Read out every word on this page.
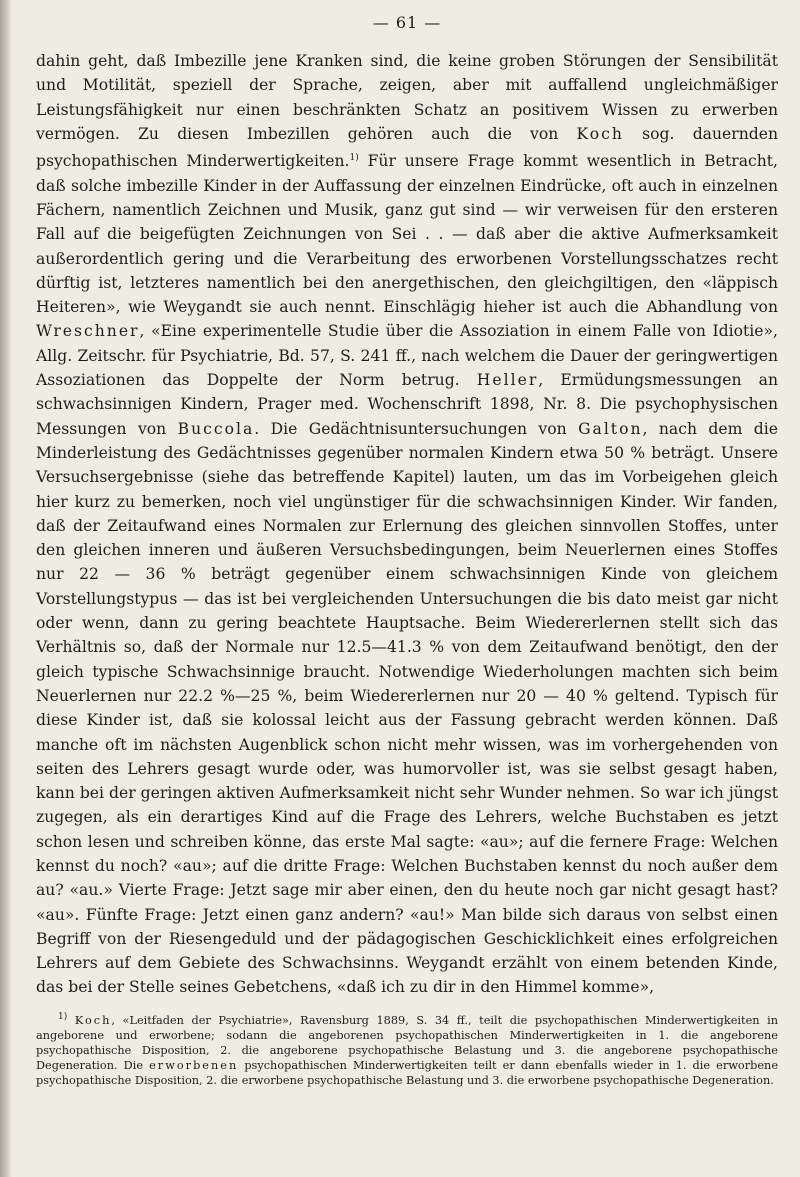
— 61 —

dahin geht, daß Imbezille jene Kranken sind, die keine groben Störungen der Sensibilität und Motilität, speziell der Sprache, zeigen, aber mit auffallend ungleichmäßiger Leistungsfähigkeit nur einen beschränkten Schatz an positivem Wissen zu erwerben vermögen. Zu diesen Imbezillen gehören auch die von Koch sog. dauernden psychopathischen Minderwertigkeiten.$^{1)}$ Für unsere Frage kommt wesentlich in Betracht, daß solche imbezille Kinder in der Auffassung der einzelnen Eindrücke, oft auch in einzelnen Fächern, namentlich Zeichnen und Musik, ganz gut sind — wir verweisen für den ersteren Fall auf die beigefügten Zeichnungen von Sei . . — daß aber die aktive Aufmerksamkeit außerordentlich gering und die Verarbeitung des erworbenen Vorstellungsschatzes recht dürftig ist, letzteres namentlich bei den anergethischen, den gleichgiltigen, den «läppisch Heiteren», wie Weygandt sie auch nennt. Einschlägig hieher ist auch die Abhandlung von Wreschner, «Eine experimentelle Studie über die Assoziation in einem Falle von Idiotie», Allg. Zeitschr. für Psychiatrie, Bd. 57, S. 241 ff., nach welchem die Dauer der geringwertigen Assoziationen das Doppelte der Norm betrug. Heller, Ermüdungsmessungen an schwachsinnigen Kindern, Prager med. Wochenschrift 1898, Nr. 8. Die psychophysischen Messungen von Buccola. Die Gedächtnisuntersuchungen von Galton, nach dem die Minderleistung des Gedächtnisses gegenüber normalen Kindern etwa 50 % beträgt. Unsere Versuchsergebnisse (siehe das betreffende Kapitel) lauten, um das im Vorbeigehen gleich hier kurz zu bemerken, noch viel ungünstiger für die schwachsinnigen Kinder. Wir fanden, daß der Zeitaufwand eines Normalen zur Erlernung des gleichen sinnvollen Stoffes, unter den gleichen inneren und äußeren Versuchsbedingungen, beim Neuerlernen eines Stoffes nur 22 — 36 % beträgt gegenüber einem schwachsinnigen Kinde von gleichem Vorstellungstypus — das ist bei vergleichenden Untersuchungen die bis dato meist gar nicht oder wenn, dann zu gering beachtete Hauptsache. Beim Wiedererlernen stellt sich das Verhältnis so, daß der Normale nur 12.5—41.3 % von dem Zeitaufwand benötigt, den der gleich typische Schwachsinnige braucht. Notwendige Wiederholungen machten sich beim Neuerlernen nur 22.2 %—25 %, beim Wiedererlernen nur 20 — 40 % geltend. Typisch für diese Kinder ist, daß sie kolossal leicht aus der Fassung gebracht werden können. Daß manche oft im nächsten Augenblick schon nicht mehr wissen, was im vorhergehenden von seiten des Lehrers gesagt wurde oder, was humorvoller ist, was sie selbst gesagt haben, kann bei der geringen aktiven Aufmerksamkeit nicht sehr Wunder nehmen. So war ich jüngst zugegen, als ein derartiges Kind auf die Frage des Lehrers, welche Buchstaben es jetzt schon lesen und schreiben könne, das erste Mal sagte: «au»; auf die fernere Frage: Welchen kennst du noch? «au»; auf die dritte Frage: Welchen Buchstaben kennst du noch außer dem au? «au.» Vierte Frage: Jetzt sage mir aber einen, den du heute noch gar nicht gesagt hast? «au». Fünfte Frage: Jetzt einen ganz andern? «au!» Man bilde sich daraus von selbst einen Begriff von der Riesengeduld und der pädagogischen Geschicklichkeit eines erfolgreichen Lehrers auf dem Gebiete des Schwachsinns. Weygandt erzählt von einem betenden Kinde, das bei der Stelle seines Gebetchens, «daß ich zu dir in den Himmel komme»,

$^{1)}$ Koch, «Leitfaden der Psychiatrie», Ravensburg 1889, S. 34 ff., teilt die psychopathischen Minderwertigkeiten in angeborene und erworbene; sodann die angeborenen psychopathischen Minderwertigkeiten in 1. die angeborene psychopathische Disposition, 2. die angeborene psychopathische Belastung und 3. die angeborene psychopathische Degeneration. Die erworbenen psychopathischen Minderwertigkeiten teilt er dann ebenfalls wieder in 1. die erworbene psychopathische Disposition, 2. die erworbene psychopathische Belastung und 3. die erworbene psychopathische Degeneration.
